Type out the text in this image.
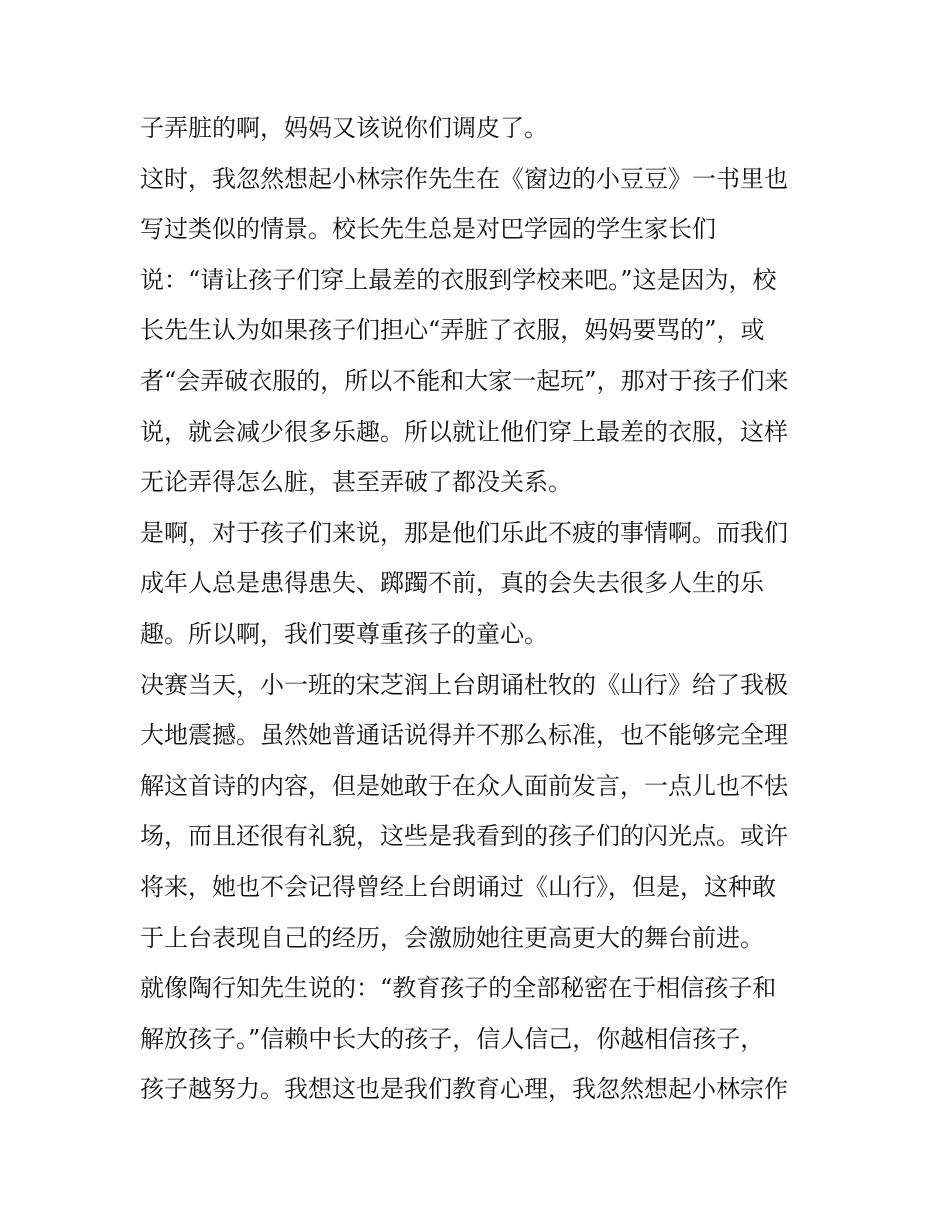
子弄脏的啊，妈妈又该说你们调皮了。
这时，我忽然想起小林宗作先生在《窗边的小豆豆》一书里也
写过类似的情景。校长先生总是对巴学园的学生家长们
说：“请让孩子们穿上最差的衣服到学校来吧。”这是因为，校
长先生认为如果孩子们担心“弄脏了衣服，妈妈要骂的”，或
者“会弄破衣服的，所以不能和大家一起玩”，那对于孩子们来
说，就会减少很多乐趣。所以就让他们穿上最差的衣服，这样
无论弄得怎么脏，甚至弄破了都没关系。
是啊，对于孩子们来说，那是他们乐此不疲的事情啊。而我们
成年人总是患得患失、踯躅不前，真的会失去很多人生的乐
趣。所以啊，我们要尊重孩子的童心。
决赛当天，小一班的宋芝润上台朗诵杜牧的《山行》给了我极
大地震撼。虽然她普通话说得并不那么标准，也不能够完全理
解这首诗的内容，但是她敢于在众人面前发言，一点儿也不怯
场，而且还很有礼貌，这些是我看到的孩子们的闪光点。或许
将来，她也不会记得曾经上台朗诵过《山行》，但是，这种敢
于上台表现自己的经历，会激励她往更高更大的舞台前进。
就像陶行知先生说的：“教育孩子的全部秘密在于相信孩子和
解放孩子。”信赖中长大的孩子，信人信己，你越相信孩子，
孩子越努力。我想这也是我们教育心理，我忽然想起小林宗作
